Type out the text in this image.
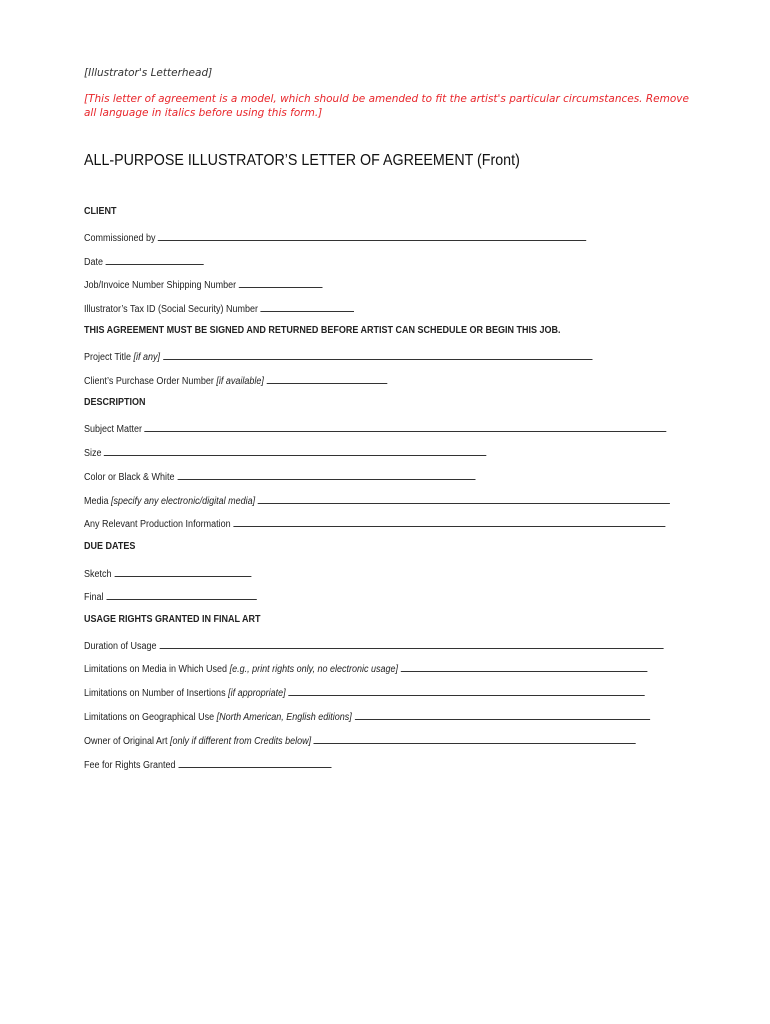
[Illustrator's Letterhead]
[This letter of agreement is a model, which should be amended to fit the artist's particular circumstances. Remove all language in italics before using this form.]
ALL-PURPOSE ILLUSTRATOR’S LETTER OF AGREEMENT (Front)
CLIENT
Commissioned by
Date
Job/Invoice Number Shipping Number
Illustrator’s Tax ID (Social Security) Number
THIS AGREEMENT MUST BE SIGNED AND RETURNED BEFORE ARTIST CAN SCHEDULE OR BEGIN THIS JOB.
Project Title [if any]
Client’s Purchase Order Number [if available]
DESCRIPTION
Subject Matter
Size
Color or Black & White
Media [specify any electronic/digital media]
Any Relevant Production Information
DUE DATES
Sketch
Final
USAGE RIGHTS GRANTED IN FINAL ART
Duration of Usage
Limitations on Media in Which Used [e.g., print rights only, no electronic usage]
Limitations on Number of Insertions [if appropriate]
Limitations on Geographical Use [North American, English editions]
Owner of Original Art [only if different from Credits below]
Fee for Rights Granted
